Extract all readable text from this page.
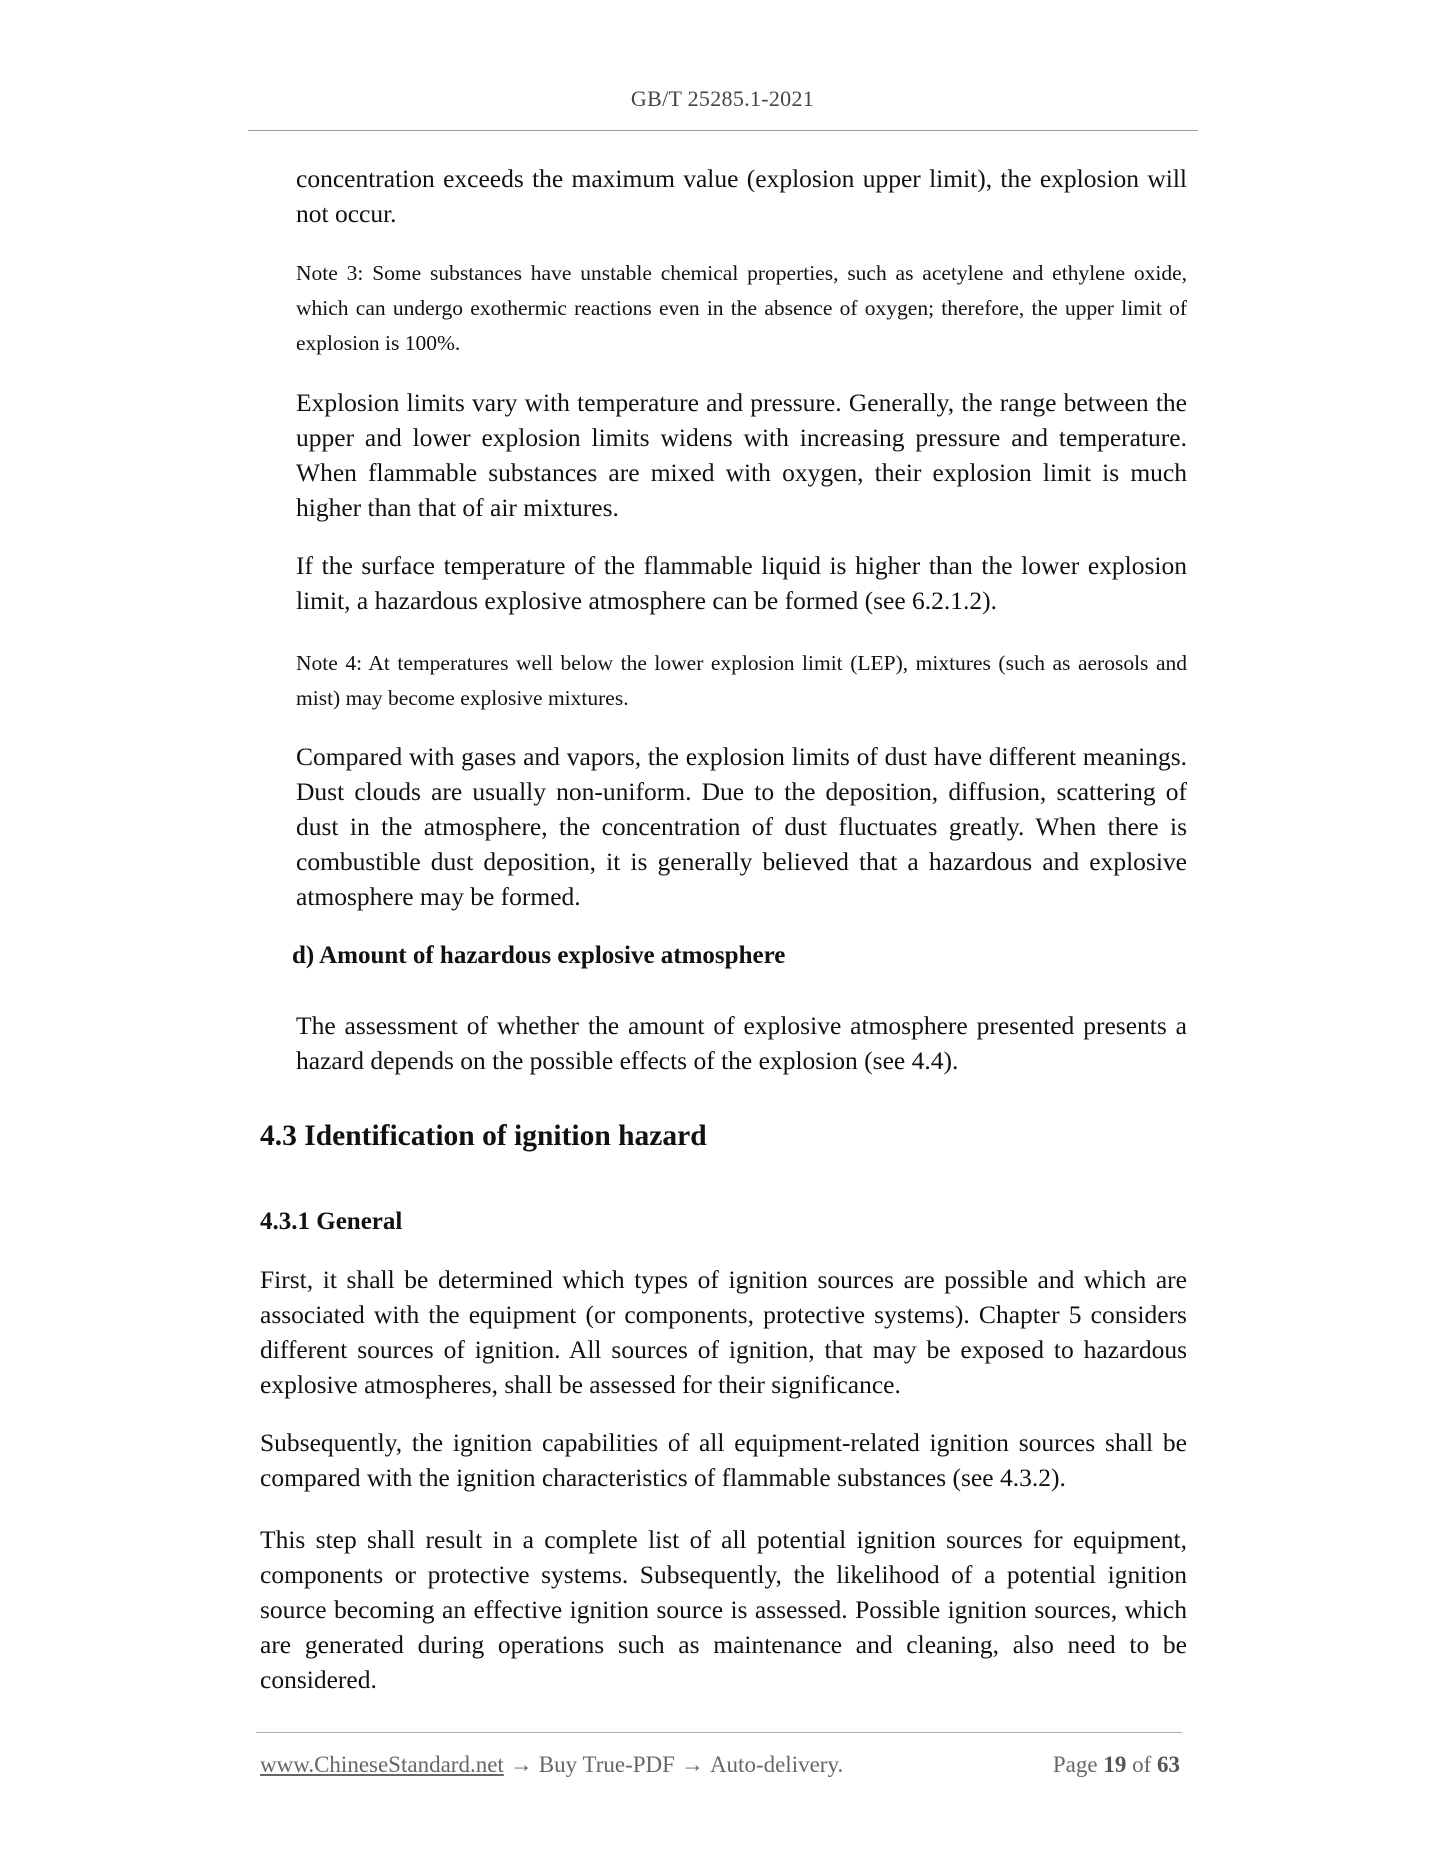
GB/T 25285.1-2021

concentration exceeds the maximum value (explosion upper limit), the explosion will not occur.

Note 3: Some substances have unstable chemical properties, such as acetylene and ethylene oxide, which can undergo exothermic reactions even in the absence of oxygen; therefore, the upper limit of explosion is 100%.

Explosion limits vary with temperature and pressure. Generally, the range between the upper and lower explosion limits widens with increasing pressure and temperature. When flammable substances are mixed with oxygen, their explosion limit is much higher than that of air mixtures.

If the surface temperature of the flammable liquid is higher than the lower explosion limit, a hazardous explosive atmosphere can be formed (see 6.2.1.2).

Note 4: At temperatures well below the lower explosion limit (LEP), mixtures (such as aerosols and mist) may become explosive mixtures.

Compared with gases and vapors, the explosion limits of dust have different meanings. Dust clouds are usually non-uniform. Due to the deposition, diffusion, scattering of dust in the atmosphere, the concentration of dust fluctuates greatly. When there is combustible dust deposition, it is generally believed that a hazardous and explosive atmosphere may be formed.

d) Amount of hazardous explosive atmosphere

The assessment of whether the amount of explosive atmosphere presented presents a hazard depends on the possible effects of the explosion (see 4.4).

4.3 Identification of ignition hazard
4.3.1 General

First, it shall be determined which types of ignition sources are possible and which are associated with the equipment (or components, protective systems). Chapter 5 considers different sources of ignition. All sources of ignition, that may be exposed to hazardous explosive atmospheres, shall be assessed for their significance.

Subsequently, the ignition capabilities of all equipment-related ignition sources shall be compared with the ignition characteristics of flammable substances (see 4.3.2).

This step shall result in a complete list of all potential ignition sources for equipment, components or protective systems. Subsequently, the likelihood of a potential ignition source becoming an effective ignition source is assessed. Possible ignition sources, which are generated during operations such as maintenance and cleaning, also need to be considered.

www.ChineseStandard.net → Buy True-PDF → Auto-delivery.	Page 19 of 63
